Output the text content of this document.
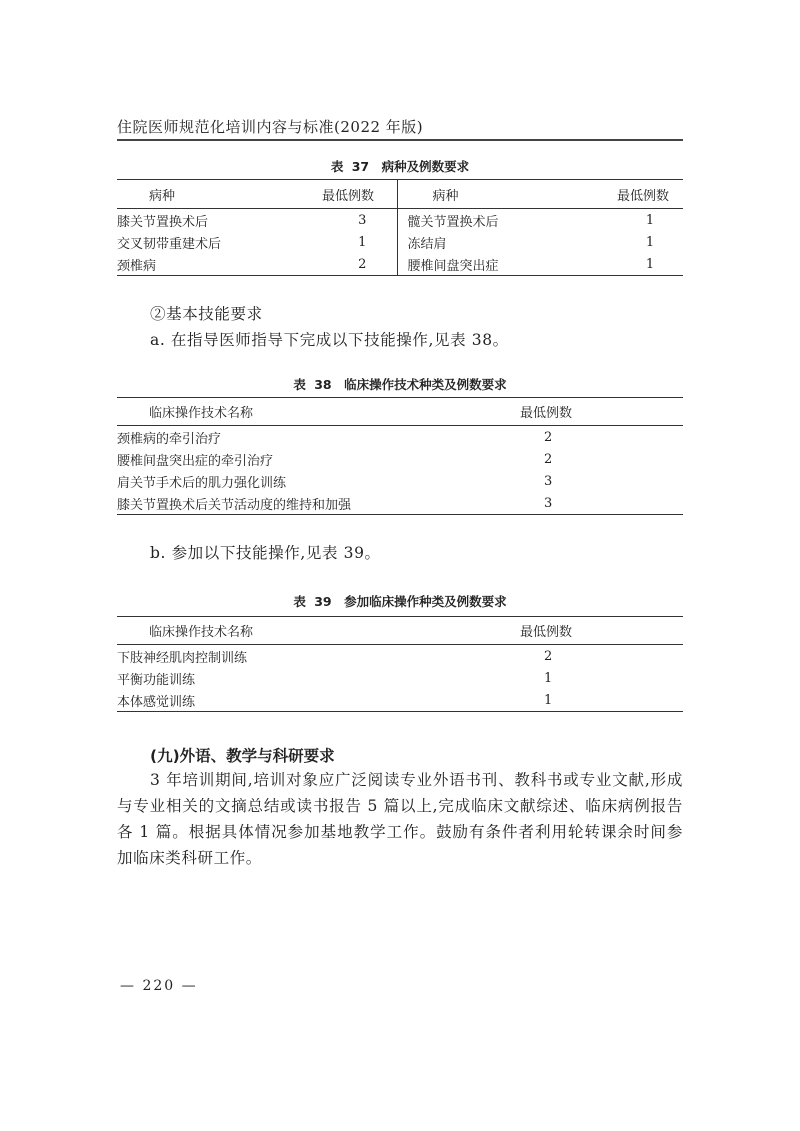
住院医师规范化培训内容与标准(2022 年版)
表 37　病种及例数要求
病种	最低例数	病种	最低例数
膝关节置换术后	3	髋关节置换术后	1
交叉韧带重建术后	1	冻结肩	1
颈椎病	2	腰椎间盘突出症	1
②基本技能要求
a. 在指导医师指导下完成以下技能操作,见表 38。
表 38　临床操作技术种类及例数要求
临床操作技术名称	最低例数
颈椎病的牵引治疗	2
腰椎间盘突出症的牵引治疗	2
肩关节手术后的肌力强化训练	3
膝关节置换术后关节活动度的维持和加强	3
b. 参加以下技能操作,见表 39。
表 39　参加临床操作种类及例数要求
临床操作技术名称	最低例数
下肢神经肌肉控制训练	2
平衡功能训练	1
本体感觉训练	1
(九)外语、教学与科研要求
3 年培训期间,培训对象应广泛阅读专业外语书刊、教科书或专业文献,形成与专业相关的文摘总结或读书报告 5 篇以上,完成临床文献综述、临床病例报告各 1 篇。根据具体情况参加基地教学工作。鼓励有条件者利用轮转课余时间参加临床类科研工作。
— 220 —
